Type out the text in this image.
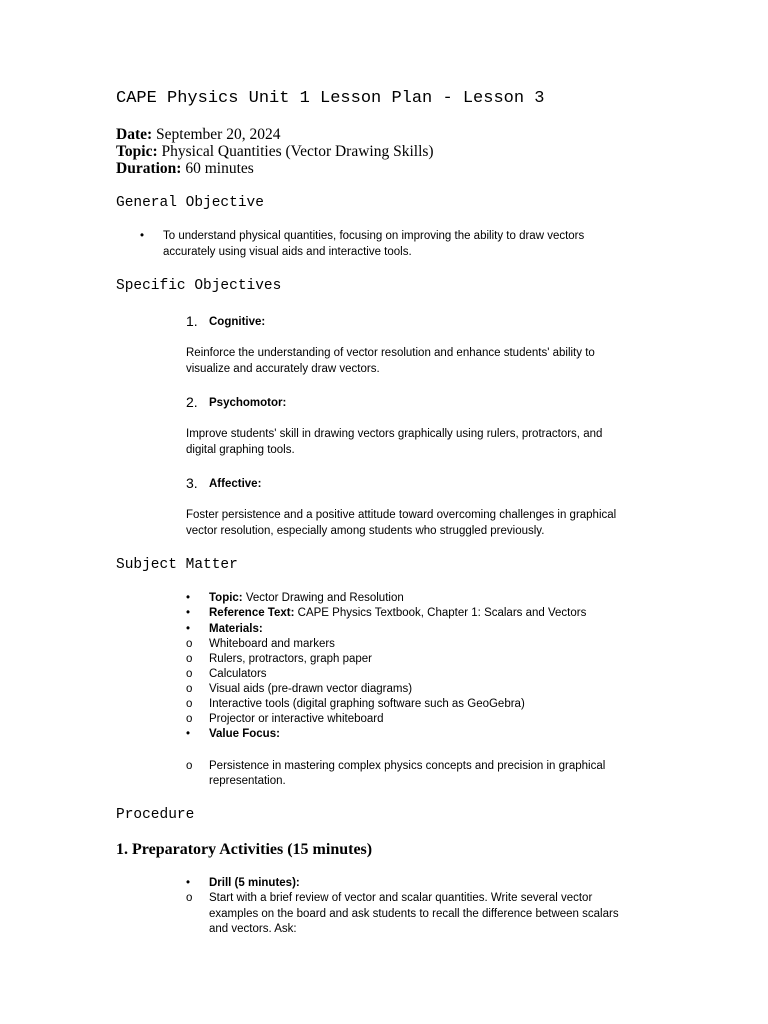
CAPE Physics Unit 1 Lesson Plan - Lesson 3
Date: September 20, 2024
Topic: Physical Quantities (Vector Drawing Skills)
Duration: 60 minutes
General Objective
• To understand physical quantities, focusing on improving the ability to draw vectors
accurately using visual aids and interactive tools.
Specific Objectives
1. Cognitive:
Reinforce the understanding of vector resolution and enhance students' ability to
visualize and accurately draw vectors.
2. Psychomotor:
Improve students' skill in drawing vectors graphically using rulers, protractors, and
digital graphing tools.
3. Affective:
Foster persistence and a positive attitude toward overcoming challenges in graphical
vector resolution, especially among students who struggled previously.
Subject Matter
•	Topic: Vector Drawing and Resolution
•	Reference Text: CAPE Physics Textbook, Chapter 1: Scalars and Vectors
•	Materials:
o	Whiteboard and markers
o	Rulers, protractors, graph paper
o	Calculators
o	Visual aids (pre-drawn vector diagrams)
o	Interactive tools (digital graphing software such as GeoGebra)
o	Projector or interactive whiteboard
•	Value Focus:
o	Persistence in mastering complex physics concepts and precision in graphical
representation.
Procedure
1. Preparatory Activities (15 minutes)
•	Drill (5 minutes):
o	Start with a brief review of vector and scalar quantities. Write several vector
examples on the board and ask students to recall the difference between scalars
and vectors. Ask:
